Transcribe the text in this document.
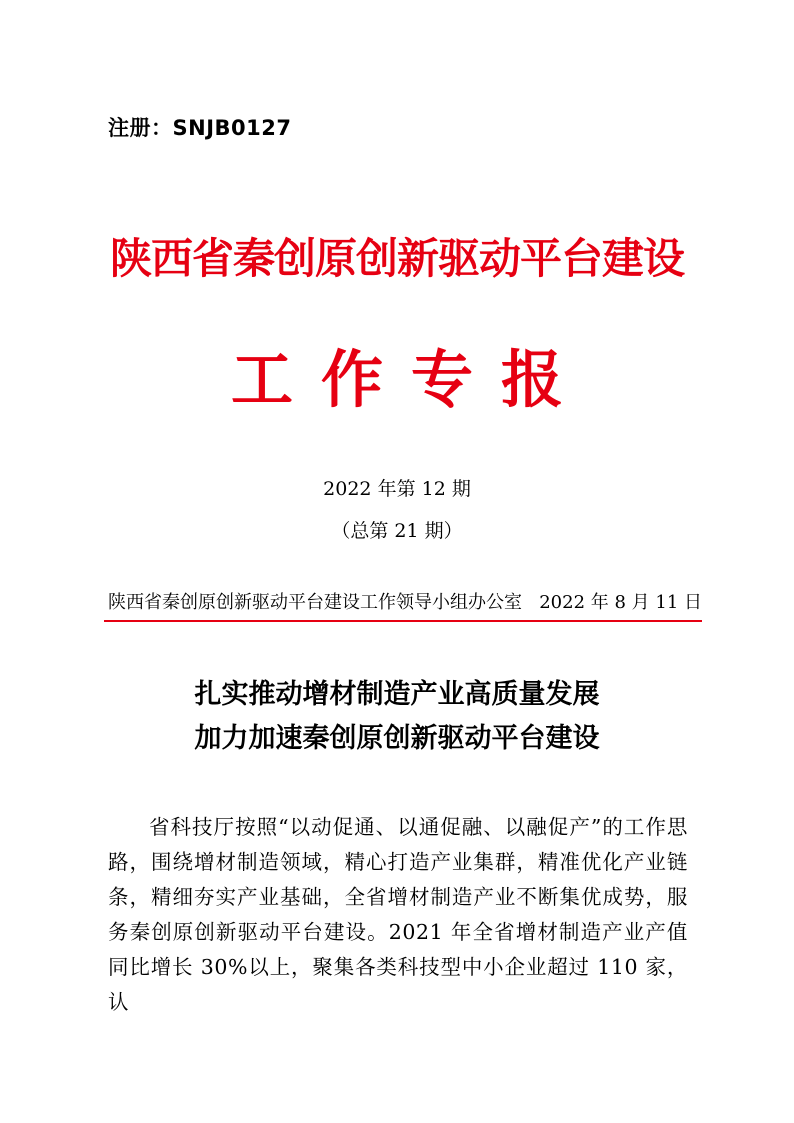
注册：SNJB0127
陕西省秦创原创新驱动平台建设
工作专报
2022 年第 12 期
（总第 21 期）
陕西省秦创原创新驱动平台建设工作领导小组办公室 2022 年 8 月 11 日
扎实推动增材制造产业高质量发展
加力加速秦创原创新驱动平台建设
省科技厅按照“以动促通、以通促融、以融促产”的工作思路，围绕增材制造领域，精心打造产业集群，精准优化产业链条，精细夯实产业基础，全省增材制造产业不断集优成势，服务秦创原创新驱动平台建设。2021 年全省增材制造产业产值同比增长 30%以上，聚集各类科技型中小企业超过 110 家，认
